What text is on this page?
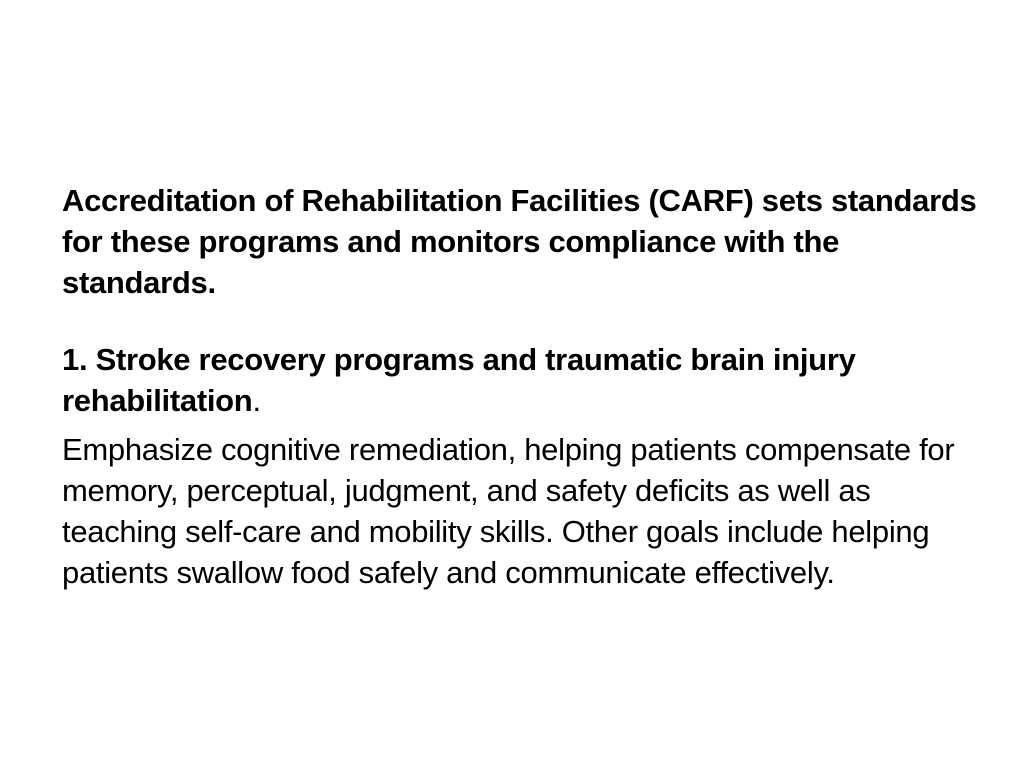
Accreditation of Rehabilitation Facilities (CARF) sets standards for these programs and monitors compliance with the standards.

1. Stroke recovery programs and traumatic brain injury rehabilitation.

Emphasize cognitive remediation, helping patients compensate for memory, perceptual, judgment, and safety deficits as well as teaching self-care and mobility skills. Other goals include helping patients swallow food safely and communicate effectively.
